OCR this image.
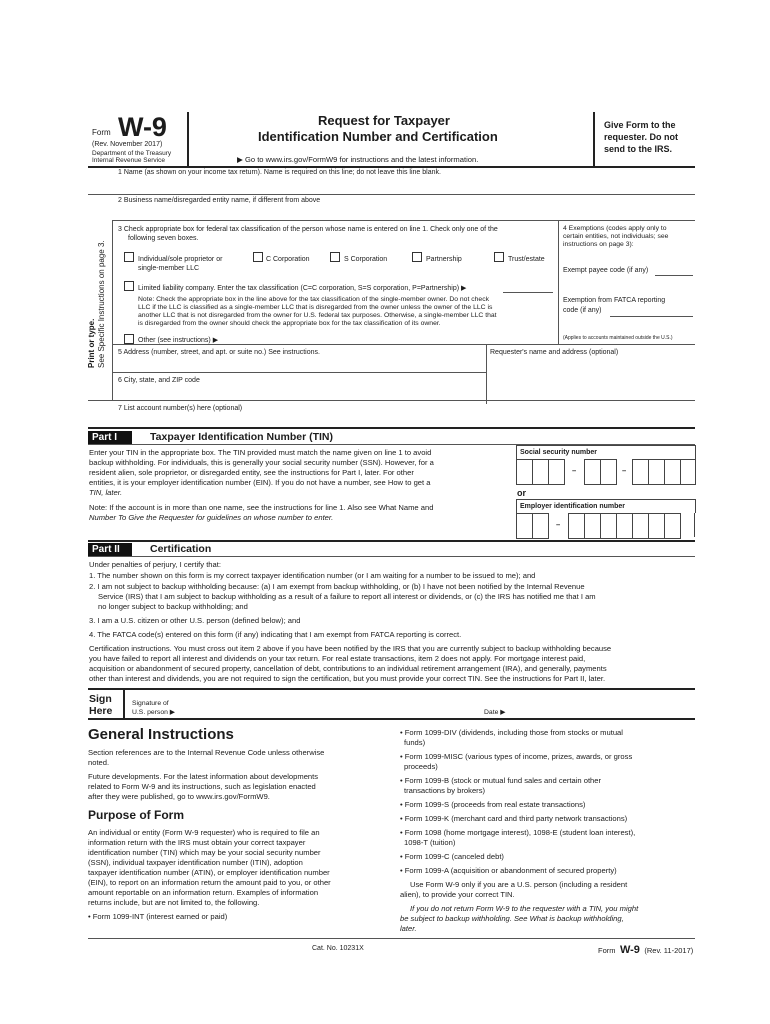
Form W-9
(Rev. November 2017)
Department of the Treasury
Internal Revenue Service
Request for Taxpayer
Identification Number and Certification
▶ Go to www.irs.gov/FormW9 for instructions and the latest information.
Give Form to the
requester. Do not
send to the IRS.
Print or type. See Specific Instructions on page 3.
1 Name (as shown on your income tax return). Name is required on this line; do not leave this line blank.
2 Business name/disregarded entity name, if different from above
3 Check appropriate box for federal tax classification of the person whose name is entered on line 1. Check only one of the
following seven boxes.
Individual/sole proprietor or
single-member LLC
C Corporation	S Corporation	Partnership	Trust/estate
Limited liability company. Enter the tax classification (C=C corporation, S=S corporation, P=Partnership) ▶
Note: Check the appropriate box in the line above for the tax classification of the single-member owner. Do not check
LLC if the LLC is classified as a single-member LLC that is disregarded from the owner unless the owner of the LLC is
another LLC that is not disregarded from the owner for U.S. federal tax purposes. Otherwise, a single-member LLC that
is disregarded from the owner should check the appropriate box for the tax classification of its owner.
Other (see instructions) ▶
4 Exemptions (codes apply only to
certain entities, not individuals; see
instructions on page 3):
Exempt payee code (if any)
Exemption from FATCA reporting
code (if any)
(Applies to accounts maintained outside the U.S.)
5 Address (number, street, and apt. or suite no.) See instructions.	Requester's name and address (optional)
6 City, state, and ZIP code
7 List account number(s) here (optional)
Part I	Taxpayer Identification Number (TIN)
Enter your TIN in the appropriate box. The TIN provided must match the name given on line 1 to avoid
backup withholding. For individuals, this is generally your social security number (SSN). However, for a
resident alien, sole proprietor, or disregarded entity, see the instructions for Part I, later. For other
entities, it is your employer identification number (EIN). If you do not have a number, see How to get a
TIN, later.
Note: If the account is in more than one name, see the instructions for line 1. Also see What Name and
Number To Give the Requester for guidelines on whose number to enter.
Social security number
–	–
or
Employer identification number
–
Part II	Certification
Under penalties of perjury, I certify that:
1. The number shown on this form is my correct taxpayer identification number (or I am waiting for a number to be issued to me); and
2. I am not subject to backup withholding because: (a) I am exempt from backup withholding, or (b) I have not been notified by the Internal Revenue
Service (IRS) that I am subject to backup withholding as a result of a failure to report all interest or dividends, or (c) the IRS has notified me that I am
no longer subject to backup withholding; and
3. I am a U.S. citizen or other U.S. person (defined below); and
4. The FATCA code(s) entered on this form (if any) indicating that I am exempt from FATCA reporting is correct.
Certification instructions. You must cross out item 2 above if you have been notified by the IRS that you are currently subject to backup withholding because
you have failed to report all interest and dividends on your tax return. For real estate transactions, item 2 does not apply. For mortgage interest paid,
acquisition or abandonment of secured property, cancellation of debt, contributions to an individual retirement arrangement (IRA), and generally, payments
other than interest and dividends, you are not required to sign the certification, but you must provide your correct TIN. See the instructions for Part II, later.
Sign
Here
Signature of
U.S. person ▶	Date ▶
General Instructions
Section references are to the Internal Revenue Code unless otherwise
noted.
Future developments. For the latest information about developments
related to Form W-9 and its instructions, such as legislation enacted
after they were published, go to www.irs.gov/FormW9.
Purpose of Form
An individual or entity (Form W-9 requester) who is required to file an
information return with the IRS must obtain your correct taxpayer
identification number (TIN) which may be your social security number
(SSN), individual taxpayer identification number (ITIN), adoption
taxpayer identification number (ATIN), or employer identification number
(EIN), to report on an information return the amount paid to you, or other
amount reportable on an information return. Examples of information
returns include, but are not limited to, the following.
• Form 1099-INT (interest earned or paid)
• Form 1099-DIV (dividends, including those from stocks or mutual
funds)
• Form 1099-MISC (various types of income, prizes, awards, or gross
proceeds)
• Form 1099-B (stock or mutual fund sales and certain other
transactions by brokers)
• Form 1099-S (proceeds from real estate transactions)
• Form 1099-K (merchant card and third party network transactions)
• Form 1098 (home mortgage interest), 1098-E (student loan interest),
1098-T (tuition)
• Form 1099-C (canceled debt)
• Form 1099-A (acquisition or abandonment of secured property)
Use Form W-9 only if you are a U.S. person (including a resident
alien), to provide your correct TIN.
If you do not return Form W-9 to the requester with a TIN, you might
be subject to backup withholding. See What is backup withholding,
later.
Cat. No. 10231X	Form W-9 (Rev. 11-2017)
